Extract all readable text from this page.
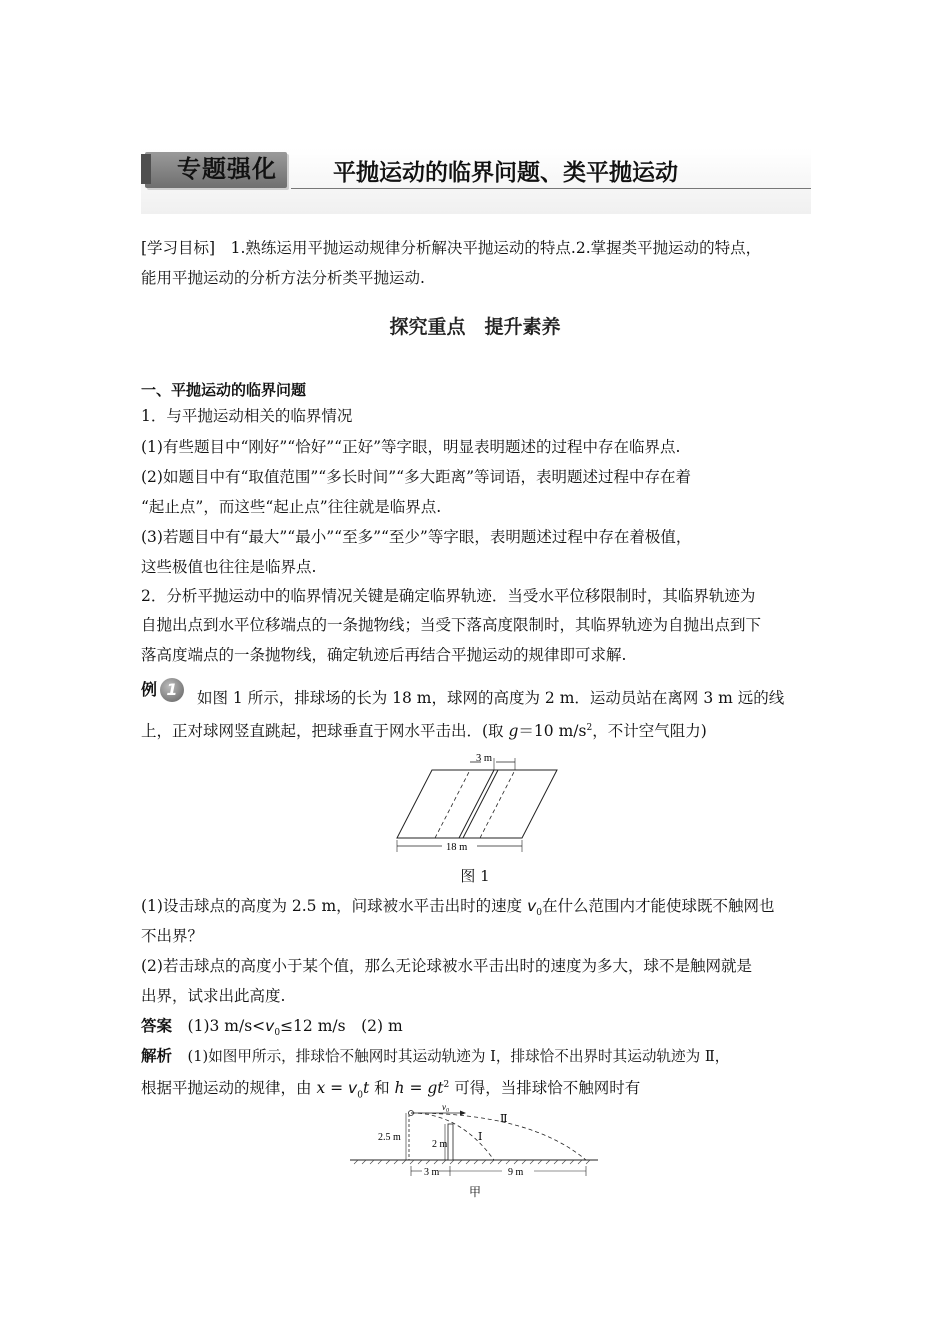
专题强化 平抛运动的临界问题、类平抛运动
[学习目标]　 1.熟练运用平抛运动规律分析解决平抛运动的特点.2.掌握类平抛运动的特点，
能用平抛运动的分析方法分析类平抛运动.
探究重点　提升素养
一、平抛运动的临界问题
1．与平抛运动相关的临界情况
(1)有些题目中“刚好”“恰好”“正好”等字眼，明显表明题述的过程中存在临界点.
(2)如题目中有“取值范围”“多长时间”“多大距离”等词语，表明题述过程中存在着
“起止点”，而这些“起止点”往往就是临界点.
(3)若题目中有“最大”“最小”“至多”“至少”等字眼，表明题述过程中存在着极值，
这些极值也往往是临界点.
2．分析平抛运动中的临界情况关键是确定临界轨迹．当受水平位移限制时，其临界轨迹为
自抛出点到水平位移端点的一条抛物线；当受下落高度限制时，其临界轨迹为自抛出点到下
落高度端点的一条抛物线，确定轨迹后再结合平抛运动的规律即可求解.
例 1	如图 1 所示，排球场的长为 18 m，球网的高度为 2 m．运动员站在离网 3 m 远的线
上，正对球网竖直跳起，把球垂直于网水平击出．(取 g＝10 $m/s^2$，不计空气阻力)
3 m
18 m
图 1
(1)设击球点的高度为 2.5 m，问球被水平击出时的速度 $v_0$在什么范围内才能使球既不触网也
不出界？
(2)若击球点的高度小于某个值，那么无论球被水平击出时的速度为多大，球不是触网就是
出界，试求出此高度.
答案　 (1)3 $m/s<v_0\le 12$ m/s　(2) m
解析　 (1)如图甲所示，排球恰不触网时其运动轨迹为 Ⅰ，排球恰不出界时其运动轨迹为 Ⅱ，
根据平抛运动的规律，由 $x = v_0t$ 和 $h = gt^2$ 可得，当排球恰不触网时有
$v_0$
Ⅱ
Ⅰ
2.5 m
2 m
3 m	9 m
甲
